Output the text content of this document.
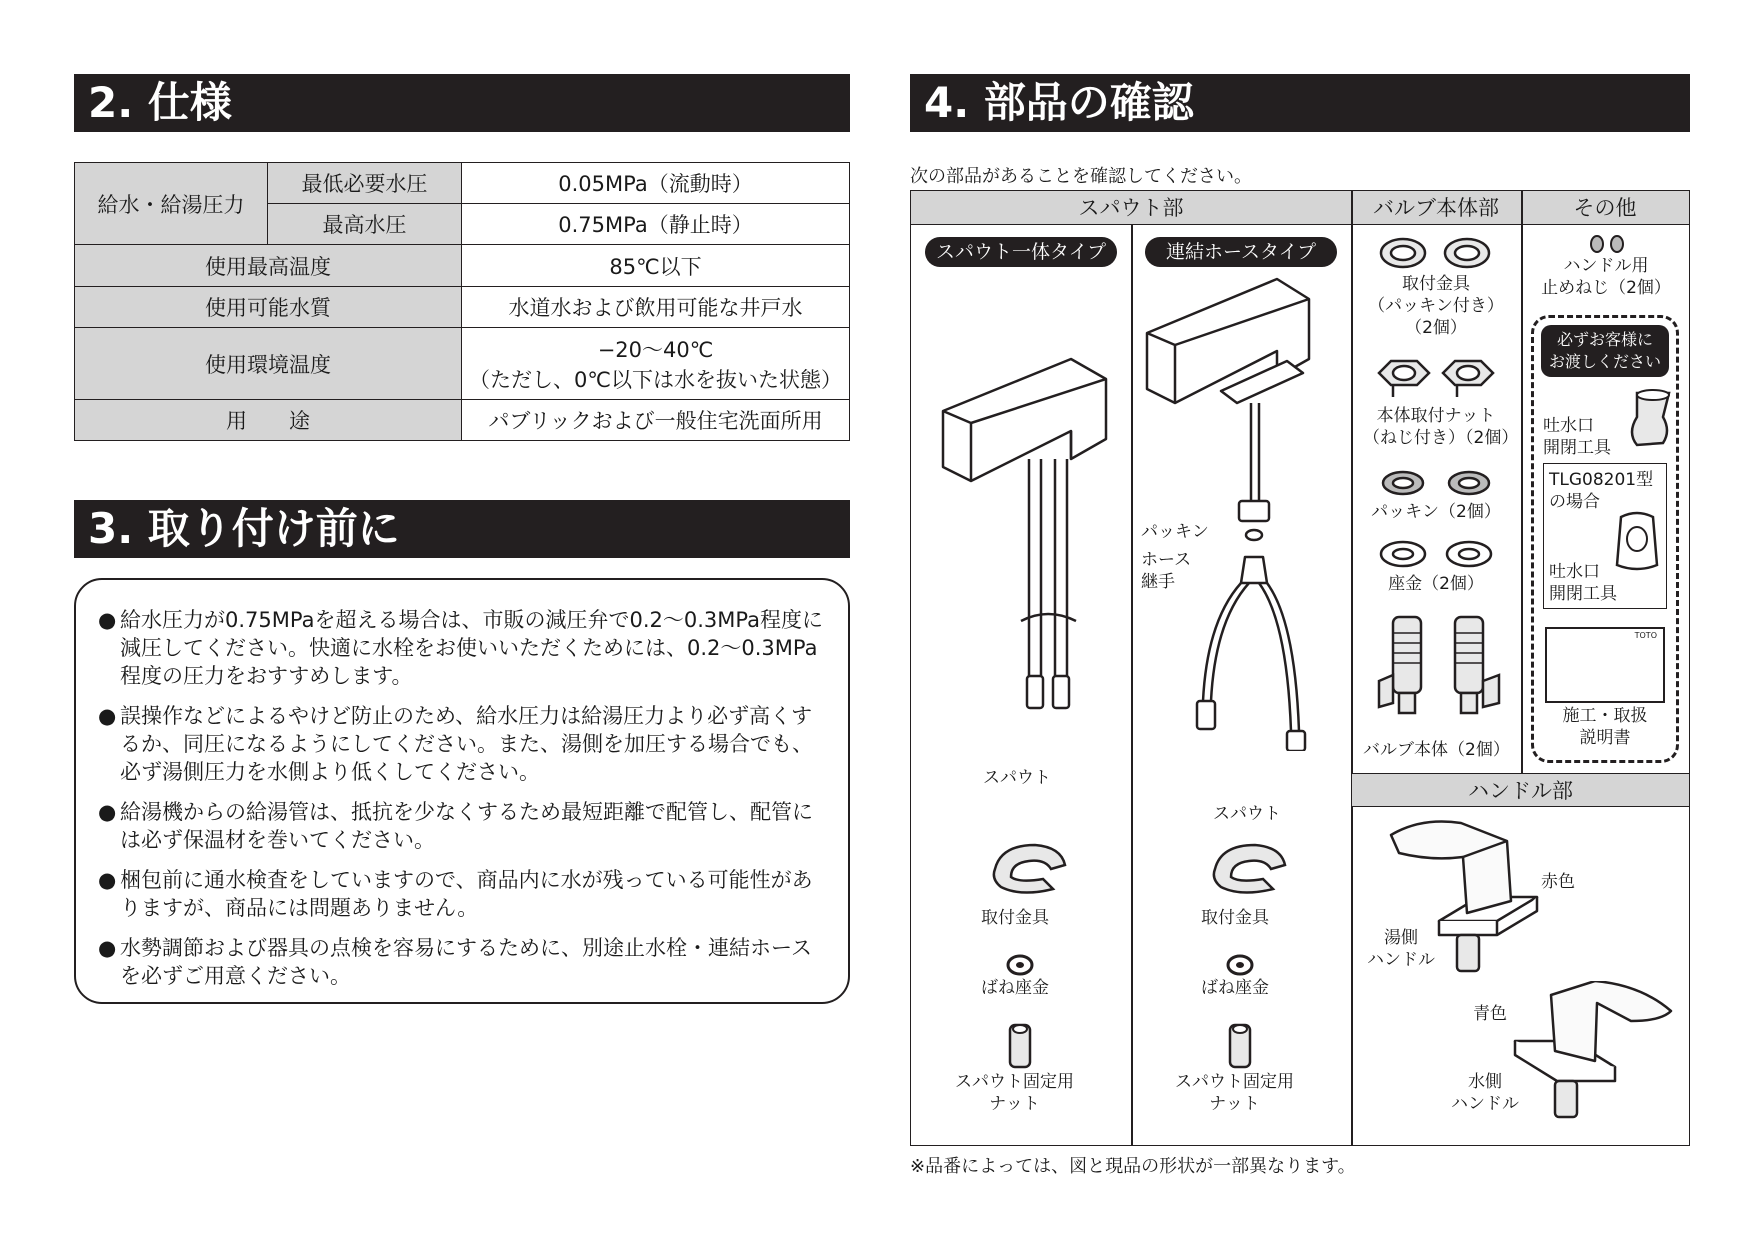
2. 仕様
給水・給湯圧力	最低必要水圧	0.05MPa（流動時）
	最高水圧	0.75MPa（静止時）
使用最高温度		85℃以下
使用可能水質		水道水および飲用可能な井戸水
使用環境温度		−20〜40℃
（ただし、0℃以下は水を抜いた状態）

用　　途		パブリックおよび一般住宅洗面所用
3. 取り付け前に
● 給水圧力が0.75MPaを超える場合は、市販の減圧弁で0.2〜0.3MPa程度に減圧してください。快適に水栓をお使いいただくためには、0.2〜0.3MPa程度の圧力をおすすめします。
● 誤操作などによるやけど防止のため、給水圧力は給湯圧力より必ず高くするか、同圧になるようにしてください。また、湯側を加圧する場合でも、必ず湯側圧力を水側より低くしてください。
● 給湯機からの給湯管は、抵抗を少なくするため最短距離で配管し、配管には必ず保温材を巻いてください。
● 梱包前に通水検査をしていますので、商品内に水が残っている可能性がありますが、商品には問題ありません。
● 水勢調節および器具の点検を容易にするために、別途止水栓・連結ホースを必ずご用意ください。
4. 部品の確認
次の部品があることを確認してください。
スパウト部	バルブ本体部	その他
ハンドル部
スパウト一体タイプ
スパウト
取付金具
ばね座金
スパウト固定用
ナット
連結ホースタイプ
パッキン
ホース
継手
スパウト
取付金具
ばね座金
スパウト固定用
ナット
取付金具
（パッキン付き）
（2個）
本体取付ナット
（ねじ付き）（2個）
パッキン（2個）
座金（2個）
バルブ本体（2個）
ハンドル用
止めねじ（2個）
必ずお客様に
お渡しください
吐水口
開閉工具
TLG08201型
の場合
吐水口
開閉工具
TOTO
施工・取扱
説明書
赤色
湯側
ハンドル
青色
水側
ハンドル
※品番によっては、図と現品の形状が一部異なります。
